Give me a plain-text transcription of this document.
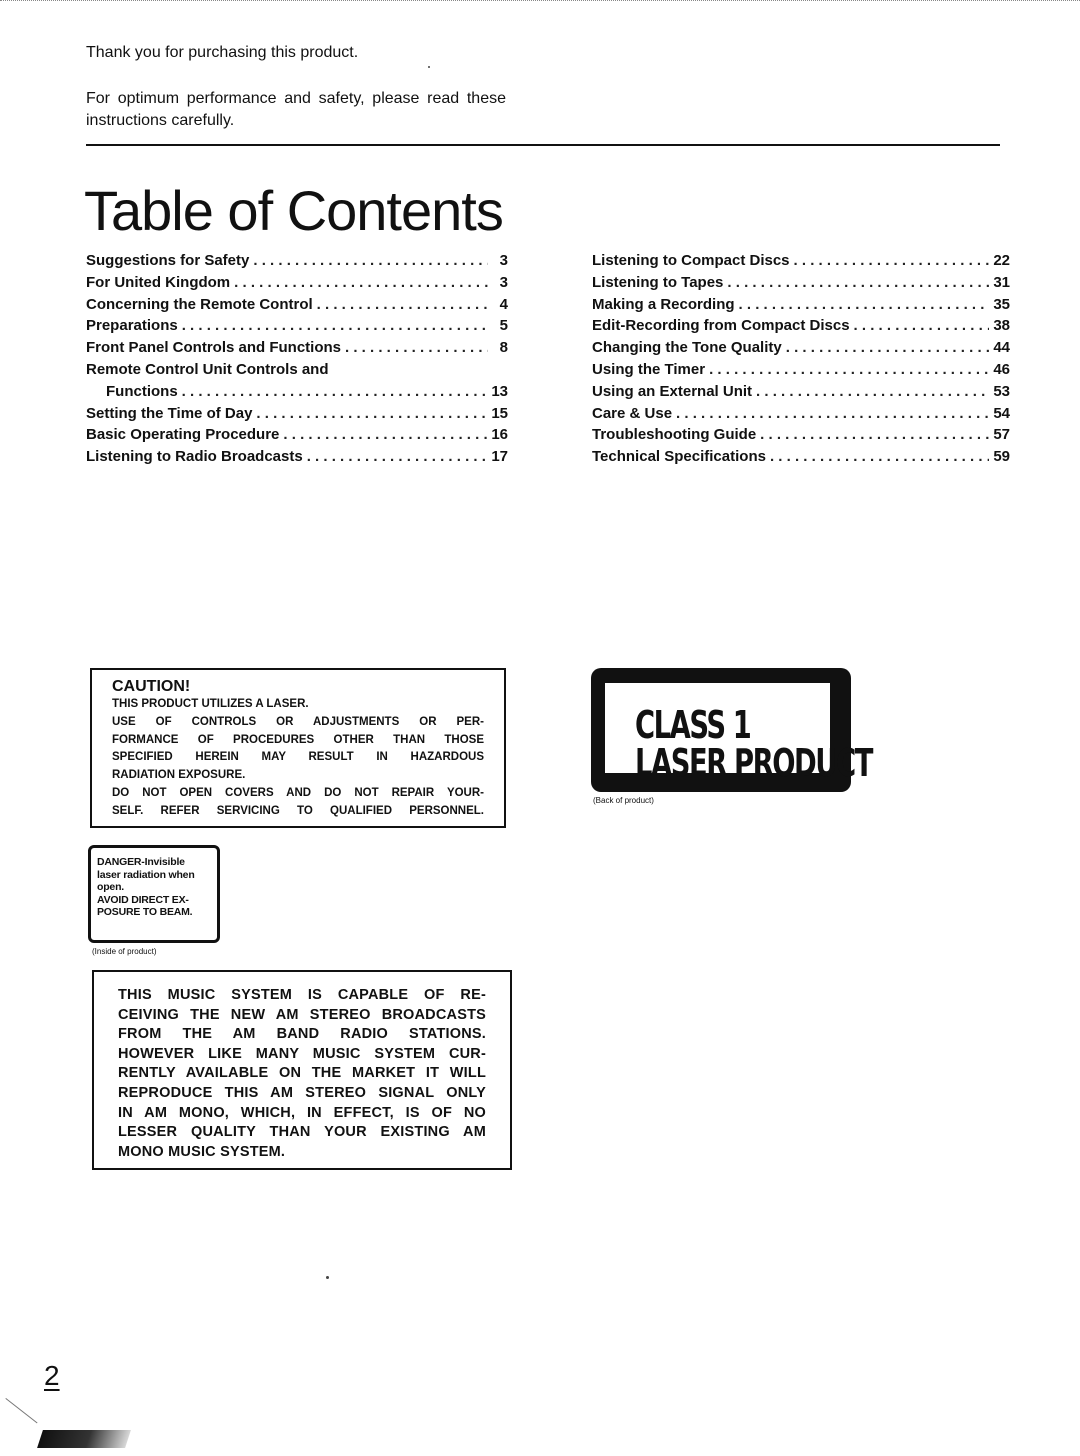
Thank you for purchasing this product.
For optimum performance and safety, please read these instructions carefully.
Table of Contents
Suggestions for Safety . . .	3
For United Kingdom . . .	3
Concerning the Remote Control . . .	4
Preparations . . .	5
Front Panel Controls and Functions . . .	8
Remote Control Unit Controls and
Functions . . .	13
Setting the Time of Day . . .	15
Basic Operating Procedure . . .	16
Listening to Radio Broadcasts . . .	17
Listening to Compact Discs . . .	22
Listening to Tapes . . .	31
Making a Recording . . .	35
Edit-Recording from Compact Discs . . .	38
Changing the Tone Quality . . .	44
Using the Timer . . .	46
Using an External Unit . . .	53
Care & Use . . .	54
Troubleshooting Guide . . .	57
Technical Specifications . . .	59
CAUTION!
THIS PRODUCT UTILIZES A LASER.
USE OF CONTROLS OR ADJUSTMENTS OR PER-
FORMANCE OF PROCEDURES OTHER THAN THOSE
SPECIFIED HEREIN MAY RESULT IN HAZARDOUS
RADIATION EXPOSURE.
DO NOT OPEN COVERS AND DO NOT REPAIR YOUR-
SELF. REFER SERVICING TO QUALIFIED PERSONNEL.
DANGER-Invisible
laser radiation when
open.
AVOID DIRECT EX-
POSURE TO BEAM.
(Inside of product)
CLASS 1
LASER PRODUCT
(Back of product)
THIS MUSIC SYSTEM IS CAPABLE OF RE-
CEIVING THE NEW AM STEREO BROADCASTS
FROM THE AM BAND RADIO STATIONS.
HOWEVER LIKE MANY MUSIC SYSTEM CUR-
RENTLY AVAILABLE ON THE MARKET IT WILL
REPRODUCE THIS AM STEREO SIGNAL ONLY
IN AM MONO, WHICH, IN EFFECT, IS OF NO
LESSER QUALITY THAN YOUR EXISTING AM
MONO MUSIC SYSTEM.
2
